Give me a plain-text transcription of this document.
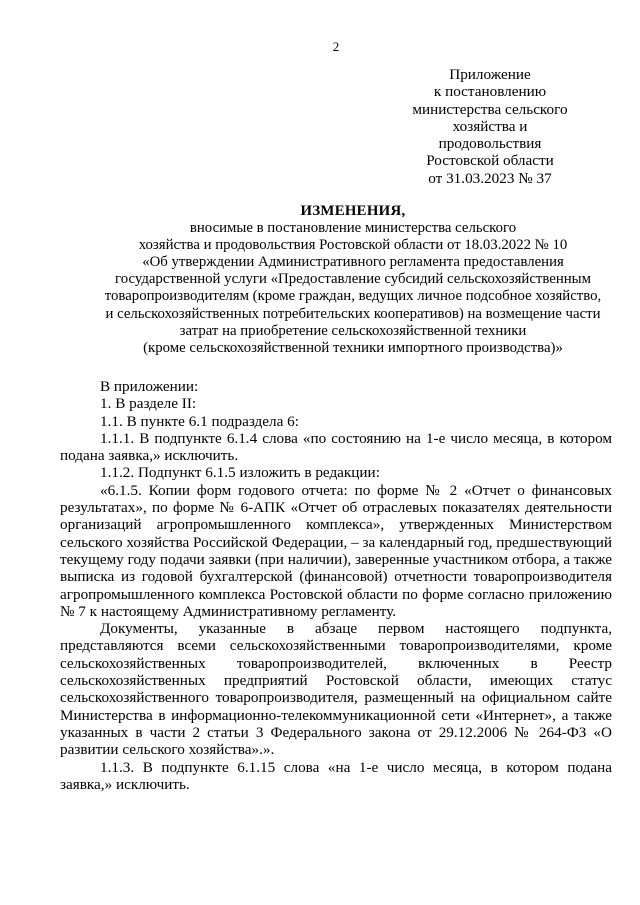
2
Приложение
к постановлению
министерства сельского
хозяйства и продовольствия
Ростовской области
от 31.03.2023 № 37
ИЗМЕНЕНИЯ,
вносимые в постановление министерства сельского
хозяйства и продовольствия Ростовской области от 18.03.2022 № 10
«Об утверждении Административного регламента предоставления
государственной услуги «Предоставление субсидий сельскохозяйственным
товаропроизводителям (кроме граждан, ведущих личное подсобное хозяйство,
и сельскохозяйственных потребительских кооперативов) на возмещение части
затрат на приобретение сельскохозяйственной техники
(кроме сельскохозяйственной техники импортного производства)»

В приложении:

1. В разделе II:

1.1. В пункте 6.1 подраздела 6:

1.1.1. В подпункте 6.1.4 слова «по состоянию на 1-е число месяца, в котором подана заявка,» исключить.

1.1.2. Подпункт 6.1.5 изложить в редакции:

«6.1.5. Копии форм годового отчета: по форме № 2 «Отчет о финансовых результатах», по форме № 6-АПК «Отчет об отраслевых показателях деятельности организаций агропромышленного комплекса», утвержденных Министерством сельского хозяйства Российской Федерации, – за календарный год, предшествующий текущему году подачи заявки (при наличии), заверенные участником отбора, а также выписка из годовой бухгалтерской (финансовой) отчетности товаропроизводителя агропромышленного комплекса Ростовской области по форме согласно приложению № 7 к настоящему Административному регламенту.

Документы, указанные в абзаце первом настоящего подпункта, представляются всеми сельскохозяйственными товаропроизводителями, кроме сельскохозяйственных товаропроизводителей, включенных в Реестр сельскохозяйственных предприятий Ростовской области, имеющих статус сельскохозяйственного товаропроизводителя, размещенный на официальном сайте Министерства в информационно-телекоммуникационной сети «Интернет», а также указанных в части 2 статьи 3 Федерального закона от 29.12.2006 № 264-ФЗ «О развитии сельского хозяйства».».

1.1.3. В подпункте 6.1.15 слова «на 1-е число месяца, в котором подана заявка,» исключить.
